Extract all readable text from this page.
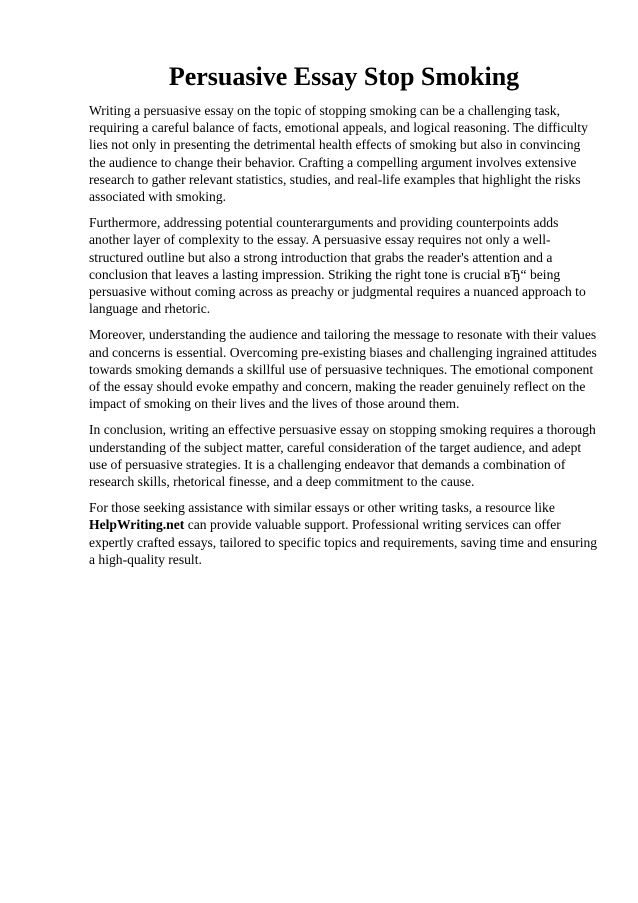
Persuasive Essay Stop Smoking

Writing a persuasive essay on the topic of stopping smoking can be a challenging task, requiring a careful balance of facts, emotional appeals, and logical reasoning. The difficulty lies not only in presenting the detrimental health effects of smoking but also in convincing the audience to change their behavior. Crafting a compelling argument involves extensive research to gather relevant statistics, studies, and real-life examples that highlight the risks associated with smoking.

Furthermore, addressing potential counterarguments and providing counterpoints adds another layer of complexity to the essay. A persuasive essay requires not only a well-structured outline but also a strong introduction that grabs the reader's attention and a conclusion that leaves a lasting impression. Striking the right tone is crucial вЂ“ being persuasive without coming across as preachy or judgmental requires a nuanced approach to language and rhetoric.

Moreover, understanding the audience and tailoring the message to resonate with their values and concerns is essential. Overcoming pre-existing biases and challenging ingrained attitudes towards smoking demands a skillful use of persuasive techniques. The emotional component of the essay should evoke empathy and concern, making the reader genuinely reflect on the impact of smoking on their lives and the lives of those around them.

In conclusion, writing an effective persuasive essay on stopping smoking requires a thorough understanding of the subject matter, careful consideration of the target audience, and adept use of persuasive strategies. It is a challenging endeavor that demands a combination of research skills, rhetorical finesse, and a deep commitment to the cause.

For those seeking assistance with similar essays or other writing tasks, a resource like HelpWriting.net can provide valuable support. Professional writing services can offer expertly crafted essays, tailored to specific topics and requirements, saving time and ensuring a high-quality result.
